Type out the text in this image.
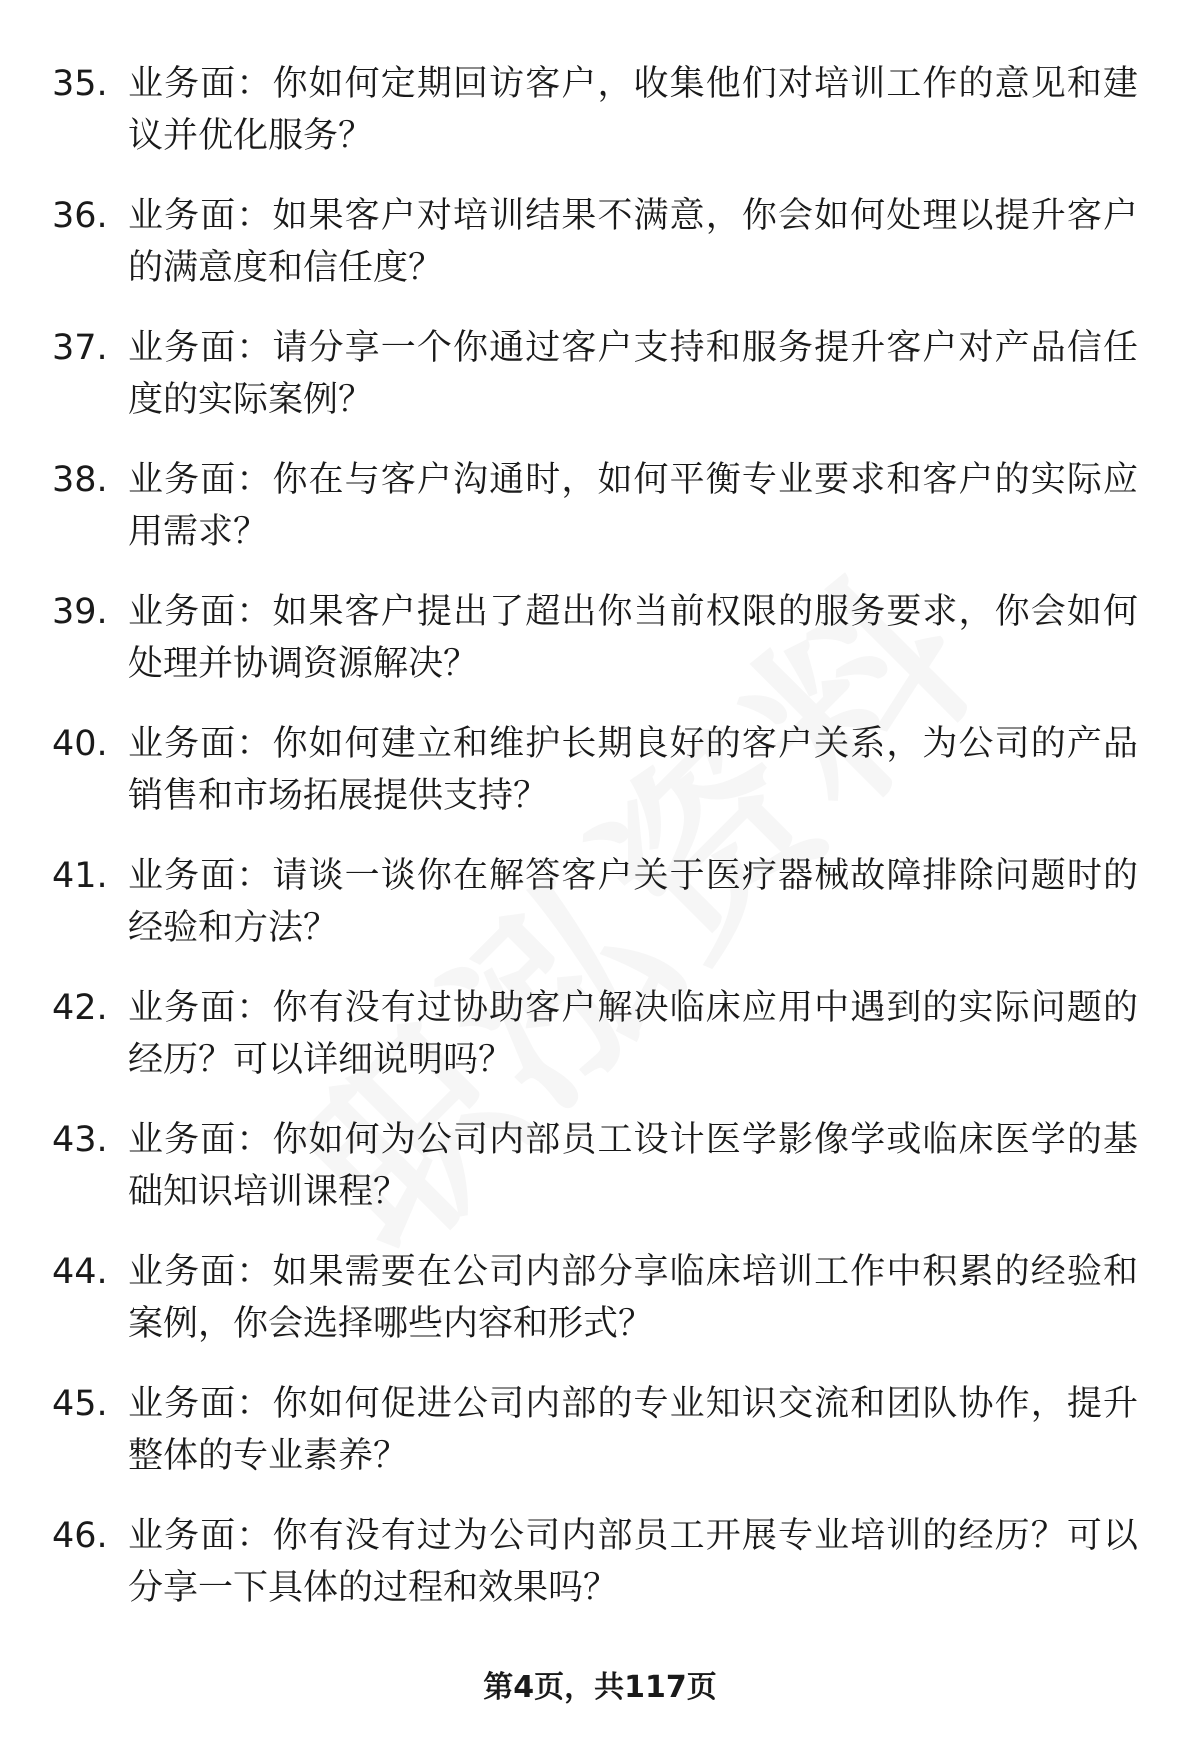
35. 业务面：你如何定期回访客户，收集他们对培训工作的意见和建议并优化服务？
36. 业务面：如果客户对培训结果不满意，你会如何处理以提升客户的满意度和信任度？
37. 业务面：请分享一个你通过客户支持和服务提升客户对产品信任度的实际案例？
38. 业务面：你在与客户沟通时，如何平衡专业要求和客户的实际应用需求？
39. 业务面：如果客户提出了超出你当前权限的服务要求，你会如何处理并协调资源解决？
40. 业务面：你如何建立和维护长期良好的客户关系，为公司的产品销售和市场拓展提供支持？
41. 业务面：请谈一谈你在解答客户关于医疗器械故障排除问题时的经验和方法？
42. 业务面：你有没有过协助客户解决临床应用中遇到的实际问题的经历？可以详细说明吗？
43. 业务面：你如何为公司内部员工设计医学影像学或临床医学的基础知识培训课程？
44. 业务面：如果需要在公司内部分享临床培训工作中积累的经验和案例，你会选择哪些内容和形式？
45. 业务面：你如何促进公司内部的专业知识交流和团队协作，提升整体的专业素养？
46. 业务面：你有没有过为公司内部员工开展专业培训的经历？可以分享一下具体的过程和效果吗？
第4页，共117页
